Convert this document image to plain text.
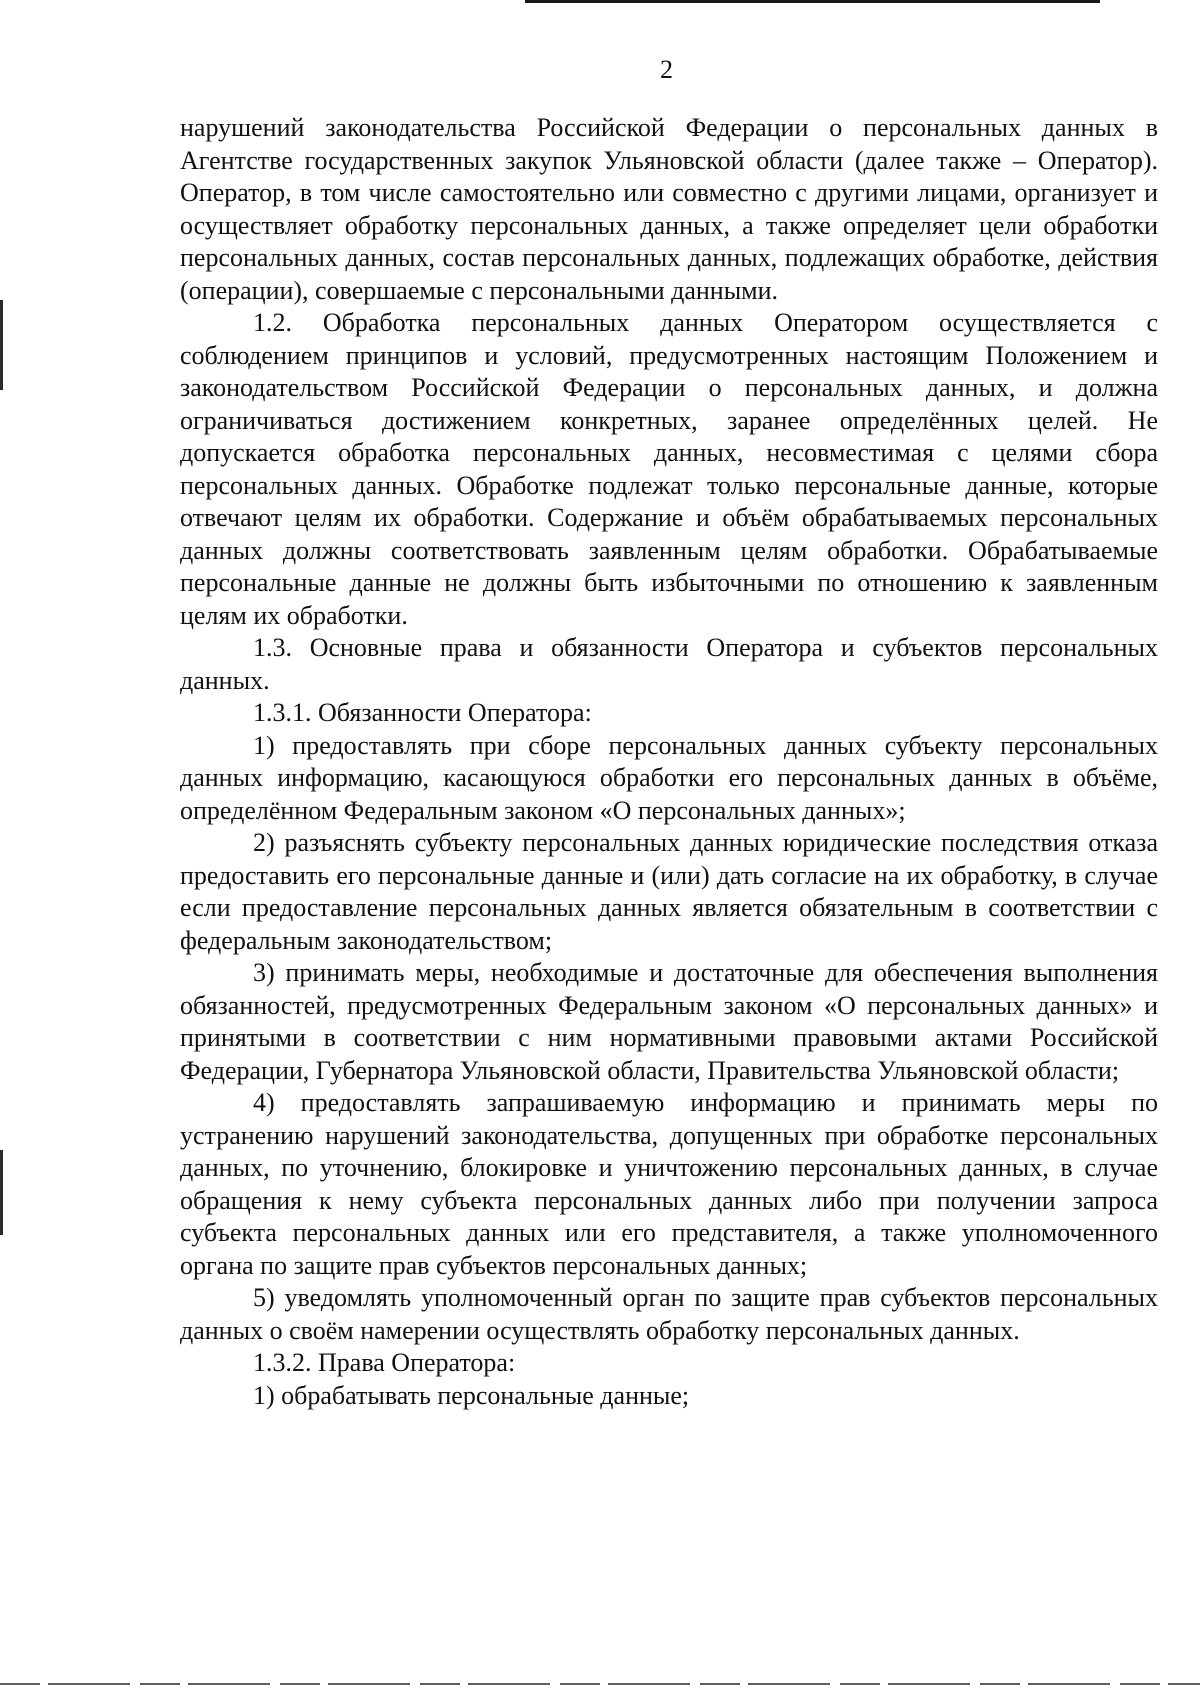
2

нарушений законодательства Российской Федерации о персональных данных в Агентстве государственных закупок Ульяновской области (далее также – Оператор). Оператор, в том числе самостоятельно или совместно с другими лицами, организует и осуществляет обработку персональных данных, а также определяет цели обработки персональных данных, состав персональных данных, подлежащих обработке, действия (операции), совершаемые с персональными данными.

1.2. Обработка персональных данных Оператором осуществляется с соблюдением принципов и условий, предусмотренных настоящим Положением и законодательством Российской Федерации о персональных данных, и должна ограничиваться достижением конкретных, заранее определённых целей. Не допускается обработка персональных данных, несовместимая с целями сбора персональных данных. Обработке подлежат только персональные данные, которые отвечают целям их обработки. Содержание и объём обрабатываемых персональных данных должны соответствовать заявленным целям обработки. Обрабатываемые персональные данные не должны быть избыточными по отношению к заявленным целям их обработки.

1.3. Основные права и обязанности Оператора и субъектов персональных данных.

1.3.1. Обязанности Оператора:

1) предоставлять при сборе персональных данных субъекту персональных данных информацию, касающуюся обработки его персональных данных в объёме, определённом Федеральным законом «О персональных данных»;

2) разъяснять субъекту персональных данных юридические последствия отказа предоставить его персональные данные и (или) дать согласие на их обработку, в случае если предоставление персональных данных является обязательным в соответствии с федеральным законодательством;

3) принимать меры, необходимые и достаточные для обеспечения выполнения обязанностей, предусмотренных Федеральным законом «О персональных данных» и принятыми в соответствии с ним нормативными правовыми актами Российской Федерации, Губернатора Ульяновской области, Правительства Ульяновской области;

4) предоставлять запрашиваемую информацию и принимать меры по устранению нарушений законодательства, допущенных при обработке персональных данных, по уточнению, блокировке и уничтожению персональных данных, в случае обращения к нему субъекта персональных данных либо при получении запроса субъекта персональных данных или его представителя, а также уполномоченного органа по защите прав субъектов персональных данных;

5) уведомлять уполномоченный орган по защите прав субъектов персональных данных о своём намерении осуществлять обработку персональных данных.

1.3.2. Права Оператора:

1) обрабатывать персональные данные;
